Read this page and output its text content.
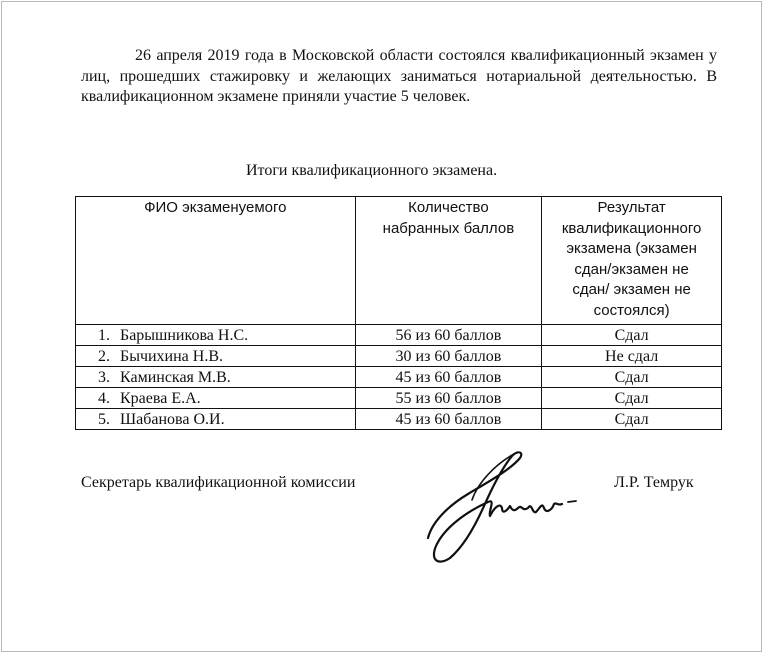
26 апреля 2019 года в Московской области состоялся квалификационный экзамен у лиц, прошедших стажировку и желающих заниматься нотариальной деятельностью. В квалификационном экзамене приняли участие 5 человек.

Итоги квалификационного экзамена.

ФИО экзаменуемого	Количество набранных баллов	Результат квалификационного экзамена (экзамен сдан/экзамен не сдан/ экзамен не состоялся)

1. Барышникова Н.С.	56 из 60 баллов	Сдал
2. Бычихина Н.В.	30 из 60 баллов	Не сдал
3. Каминская М.В.	45 из 60 баллов	Сдал
4. Краева Е.А.	55 из 60 баллов	Сдал
5. Шабанова О.И.	45 из 60 баллов	Сдал

Секретарь квалификационной комиссии	Л.Р. Темрук
